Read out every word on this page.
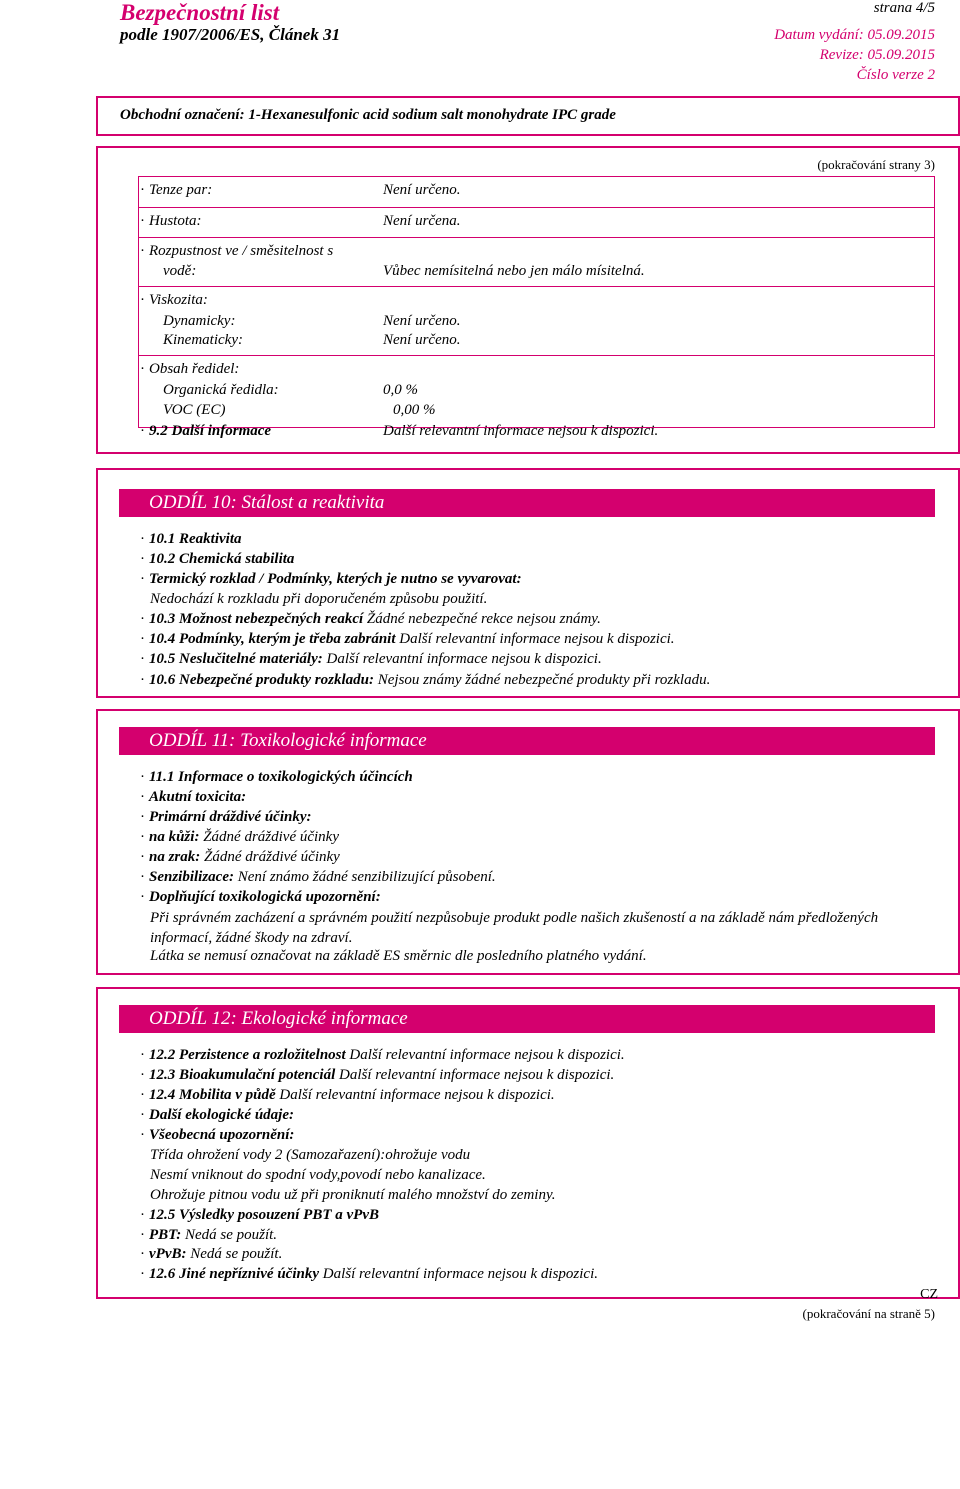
Bezpečnostní list
podle 1907/2006/ES, Článek 31
strana 4/5
Datum vydání: 05.09.2015
Revize: 05.09.2015
Číslo verze 2
Obchodní označení: 1-Hexanesulfonic acid sodium salt monohydrate IPC grade
(pokračování strany 3)
· Tenze par:	Není určeno.
· Hustota:	Není určena.
· Rozpustnost ve / směsitelnost s
vodě:	Vůbec nemísitelná nebo jen málo mísitelná.
· Viskozita:
Dynamicky:	Není určeno.
Kinematicky:	Není určeno.
· Obsah ředidel:
Organická ředidla:	0,0 %
VOC (EC)	0,00 %
· 9.2 Další informace	Další relevantní informace nejsou k dispozici.
ODDÍL 10: Stálost a reaktivita
· 10.1 Reaktivita
· 10.2 Chemická stabilita
· Termický rozklad / Podmínky, kterých je nutno se vyvarovat:
Nedochází k rozkladu při doporučeném způsobu použití.
· 10.3 Možnost nebezpečných reakcí Žádné nebezpečné rekce nejsou známy.
· 10.4 Podmínky, kterým je třeba zabránit Další relevantní informace nejsou k dispozici.
· 10.5 Neslučitelné materiály: Další relevantní informace nejsou k dispozici.
· 10.6 Nebezpečné produkty rozkladu: Nejsou známy žádné nebezpečné produkty při rozkladu.
ODDÍL 11: Toxikologické informace
· 11.1 Informace o toxikologických účincích
· Akutní toxicita:
· Primární dráždivé účinky:
· na kůži: Žádné dráždivé účinky
· na zrak: Žádné dráždivé účinky
· Senzibilizace: Není známo žádné senzibilizující působení.
· Doplňující toxikologická upozornění:
Při správném zacházení a správném použití nezpůsobuje produkt podle našich zkušeností a na základě nám předložených informací, žádné škody na zdraví.
Látka se nemusí označovat na základě ES směrnic dle posledního platného vydání.
ODDÍL 12: Ekologické informace
· 12.2 Perzistence a rozložitelnost Další relevantní informace nejsou k dispozici.
· 12.3 Bioakumulační potenciál Další relevantní informace nejsou k dispozici.
· 12.4 Mobilita v půdě Další relevantní informace nejsou k dispozici.
· Další ekologické údaje:
· Všeobecná upozornění:
Třída ohrožení vody 2 (Samozařazení):ohrožuje vodu
Nesmí vniknout do spodní vody,povodí nebo kanalizace.
Ohrožuje pitnou vodu už při proniknutí malého množství do zeminy.
· 12.5 Výsledky posouzení PBT a vPvB
· PBT: Nedá se použít.
· vPvB: Nedá se použít.
· 12.6 Jiné nepříznivé účinky Další relevantní informace nejsou k dispozici.
CZ
(pokračování na straně 5)
